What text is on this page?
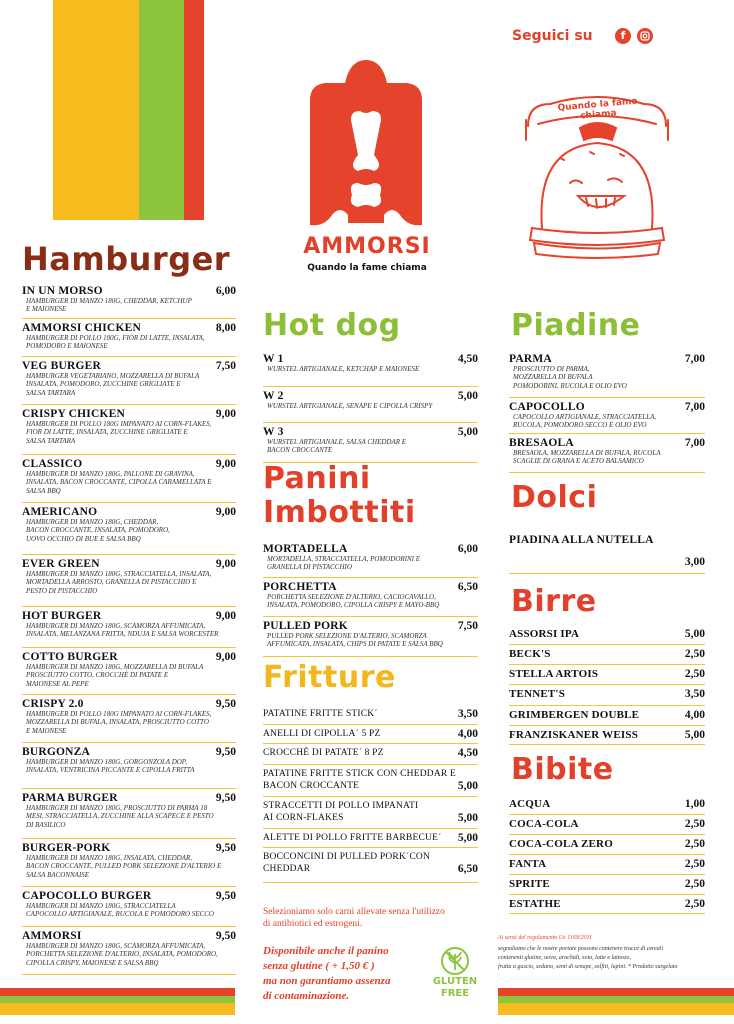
AMMORSI
Quando la fame chiama
Seguici su	f
Quando la fame chiama
Hamburger
IN UN MORSO	6,00
HAMBURGER DI MANZO 180G, CHEDDAR, KETCHUP
E MAIONESE
AMMORSI CHICKEN	8,00
HAMBURGER DI POLLO 180G, FIOR DI LATTE, INSALATA,
POMODORO E MAIONESE
VEG BURGER	7,50
HAMBURGER VEGETARIANO, MOZZARELLA DI BUFALA
INSALATA, POMODORO, ZUCCHINE GRIGLIATE E
SALSA TARTARA
CRISPY CHICKEN	9,00
HAMBURGER DI POLLO 180G IMPANATO AI CORN-FLAKES,
FIOR DI LATTE, INSALATA, ZUCCHINE GRIGLIATE E
SALSA TARTARA
CLASSICO	9,00
HAMBURGER DI MANZO 180G, PALLONE DI GRAVINA,
INSALATA, BACON CROCCANTE, CIPOLLA CARAMELLATA E
SALSA BBQ
AMERICANO	9,00
HAMBURGER DI MANZO 180G, CHEDDAR,
BACON CROCCANTE, INSALATA, POMODORO,
UOVO OCCHIO DI BUE E SALSA BBQ
EVER GREEN	9,00
HAMBURGER DI MANZO 180G, STRACCIATELLA, INSALATA,
MORTADELLA ARROSTO, GRANELLA DI PISTACCHIO E
PESTO DI PISTACCHIO
HOT BURGER	9,00
HAMBURGER DI MANZO 180G, SCAMORZA AFFUMICATA,
INSALATA, MELANZANA FRITTA, NDUJA E SALSA WORCESTER
COTTO BURGER	9,00
HAMBURGER DI MANZO 180G, MOZZARELLA DI BUFALA
PROSCIUTTO COTTO, CROCCHÈ DI PATATE E
MAIONESE AL PEPE
CRISPY 2.0	9,50
HAMBURGER DI POLLO 180G IMPANATO AI CORN-FLAKES,
MOZZARELLA DI BUFALA, INSALATA, PROSCIUTTO COTTO
E MAIONESE
BURGONZA	9,50
HAMBURGER DI MANZO 180G, GORGONZOLA DOP,
INSALATA, VENTRICINA PICCANTE E CIPOLLA FRITTA
PARMA BURGER	9,50
HAMBURGER DI MANZO 180G, PROSCIUTTO DI PARMA 18
MESI, STRACCIATELLA, ZUCCHINE ALLA SCAPECE E PESTO
DI BASILICO
BURGER-PORK	9,50
HAMBURGER DI MANZO 180G, INSALATA, CHEDDAR,
BACON CROCCANTE, PULLED PORK SELEZIONE D'ALTERIO E
SALSA BACONNAISE
CAPOCOLLO BURGER	9,50
HAMBURGER DI MANZO 180G, STRACCIATELLA
CAPOCOLLO ARTIGIANALE, RUCOLA E POMODORO SECCO
AMMORSI	9,50
HAMBURGER DI MANZO 180G, SCAMORZA AFFUMICATA,
PORCHETTA SELEZIONE D'ALTERIO, INSALATA, POMODORO,
CIPOLLA CRISPY, MAIONESE E SALSA BBQ
Hot dog
W 1	4,50
WURSTEL ARTIGIANALE, KETCHAP E MAIONESE
W 2	5,00
WURSTEL ARTIGIANALE, SENAPE E CIPOLLA CRISPY
W 3	5,00
WURSTEL ARTIGIANALE, SALSA CHEDDAR E
BACON CROCCANTE
Panini
Imbottiti
MORTADELLA	6,00
MORTADELLA, STRACCIATELLA, POMODORINI E
GRANELLA DI PISTACCHIO
PORCHETTA	6,50
PORCHETTA SELEZIONE D'ALTERIO, CACIOCAVALLO,
INSALATA, POMODORO, CIPOLLA CRISPY E MAYO-BBQ
PULLED PORK	7,50
PULLED PORK SELEZIONE D'ALTERIO, SCAMORZA
AFFUMICATA, INSALATA, CHIPS DI PATATE E SALSA BBQ
Fritture
PATATINE FRITTE STICK´	3,50
ANELLI DI CIPOLLA´ 5 PZ	4,00
CROCCHÈ DI PATATE´ 8 PZ	4,50
PATATINE FRITTE STICK CON CHEDDAR E
BACON CROCCANTE	5,00
STRACCETTI DI POLLO IMPANATI
AI CORN-FLAKES	5,00
ALETTE DI POLLO FRITTE BARBECUE´	5,00
BOCCONCINI DI PULLED PORK´CON
CHEDDAR	6,50
Selezioniamo solo carni allevate senza l'utilizzo
di antibiotici ed estrogeni.
Disponibile anche il panino
senza glutine ( + 1,50 € )
ma non garantiamo assenza
di contaminazione.
GLUTEN
FREE
Piadine
PARMA	7,00
PROSCIUTTO DI PARMA,
MOZZARELLA DI BUFALA
POMODORINI, RUCOLA E OLIO EVO
CAPOCOLLO	7,00
CAPOCOLLO ARTIGIANALE, STRACCIATELLA,
RUCOLA, POMODORO SECCO E OLIO EVO
BRESAOLA	7,00
BRESAOLA, MOZZARELLA DI BUFALA, RUCOLA
SCAGLIE DI GRANA E ACETO BALSAMICO
Dolci
PIADINA ALLA NUTELLA
3,00
Birre
ASSORSI IPA	5,00
BECK'S	2,50
STELLA ARTOIS	2,50
TENNET'S	3,50
GRIMBERGEN DOUBLE	4,00
FRANZISKANER WEISS	5,00
Bibite
ACQUA	1,00
COCA-COLA	2,50
COCA-COLA ZERO	2,50
FANTA	2,50
SPRITE	2,50
ESTATHE	2,50
Ai sensi del regolamento Ue 1169/2011
segnaliamo che le nostre portate possono contenere tracce di cereali
contenenti glutine, uova, arachidi, soia, latte e lattosio,
frutta a guscio, sedano, semi di senape, solfiti, lupini. * Prodotto surgelato
